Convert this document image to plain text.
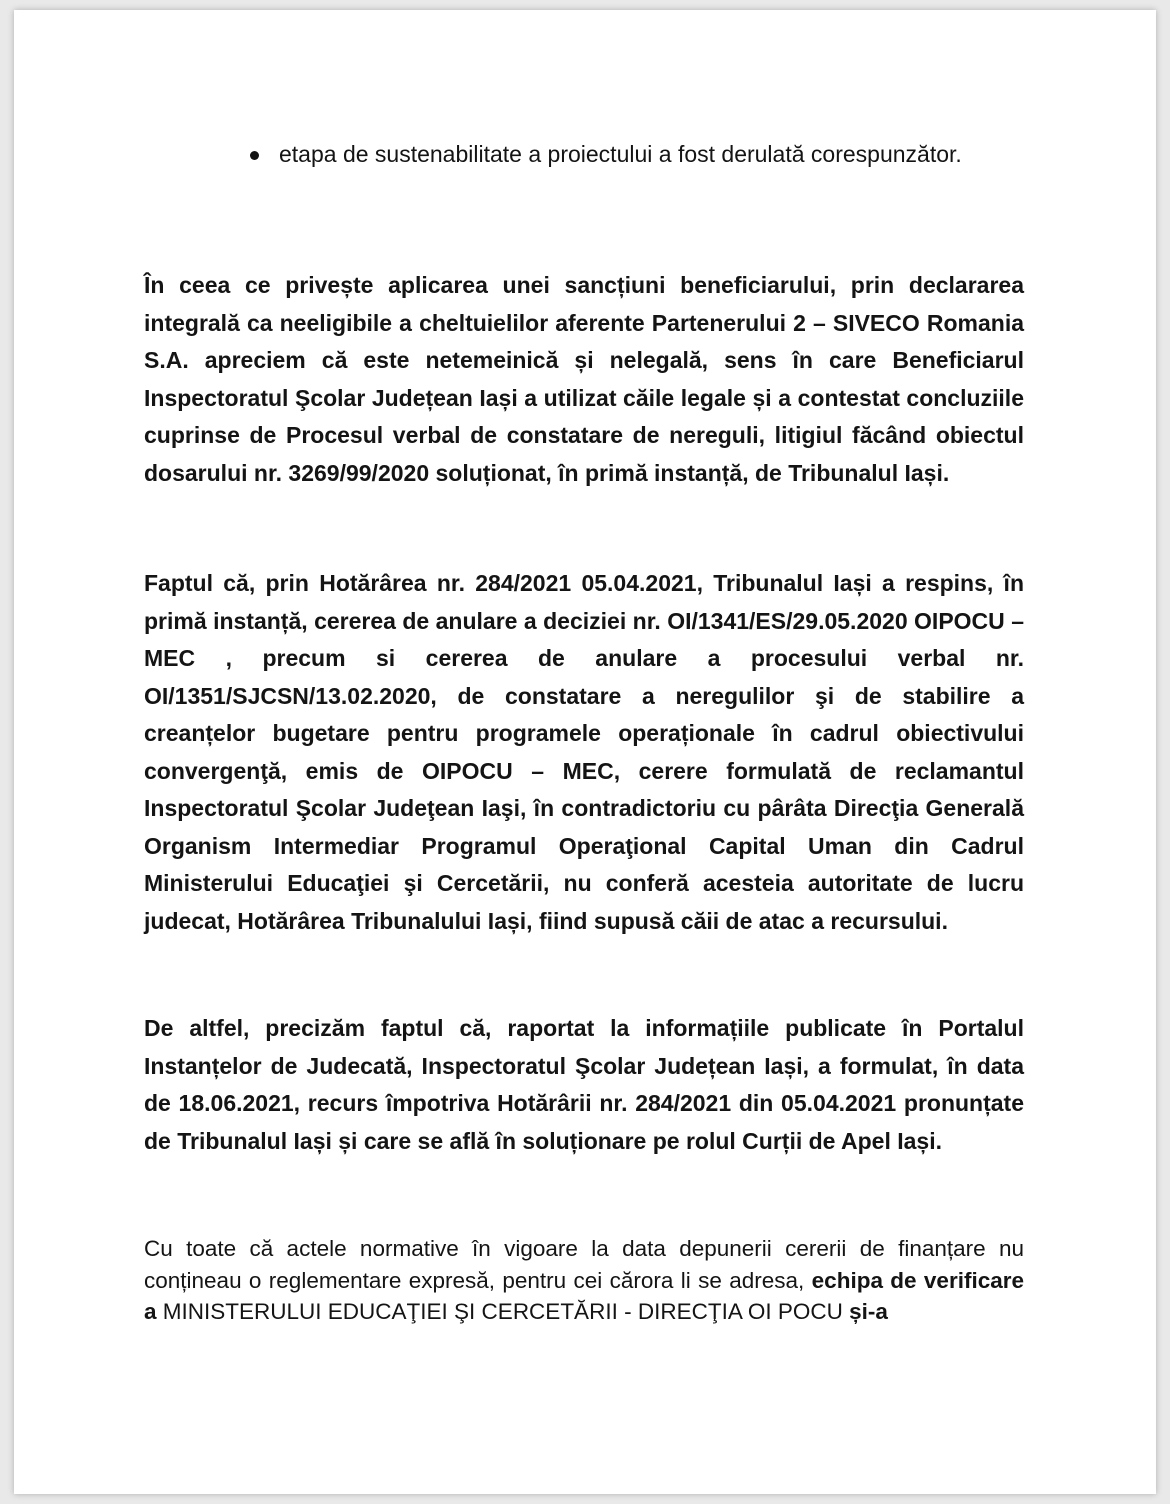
etapa de sustenabilitate a proiectului a fost derulată corespunzător.

În ceea ce privește aplicarea unei sancțiuni beneficiarului, prin declararea integrală ca neeligibile a cheltuielilor aferente Partenerului 2 – SIVECO Romania S.A. apreciem că este netemeinică și nelegală, sens în care Beneficiarul Inspectoratul Şcolar Județean Iași a utilizat căile legale și a contestat concluziile cuprinse de Procesul verbal de constatare de nereguli, litigiul făcând obiectul dosarului nr. 3269/99/2020 soluționat, în primă instanță, de Tribunalul Iași.

Faptul că, prin Hotărârea nr. 284/2021 05.04.2021, Tribunalul Iași a respins, în primă instanță, cererea de anulare a deciziei nr. OI/1341/ES/29.05.2020 OIPOCU – MEC , precum si cererea de anulare a procesului verbal nr. OI/1351/SJCSN/13.02.2020, de constatare a neregulilor şi de stabilire a creanțelor bugetare pentru programele operaționale în cadrul obiectivului convergenţă, emis de OIPOCU – MEC, cerere formulată de reclamantul Inspectoratul Şcolar Judeţean Iaşi, în contradictoriu cu pârâta Direcţia Generală Organism Intermediar Programul Operaţional Capital Uman din Cadrul Ministerului Educaţiei şi Cercetării, nu conferă acesteia autoritate de lucru judecat, Hotărârea Tribunalului Iași, fiind supusă căii de atac a recursului.

De altfel, precizăm faptul că, raportat la informațiile publicate în Portalul Instanțelor de Judecată, Inspectoratul Şcolar Județean Iași, a formulat, în data de 18.06.2021, recurs împotriva Hotărârii nr. 284/2021 din 05.04.2021 pronunțate de Tribunalul Iași și care se află în soluționare pe rolul Curții de Apel Iași.

Cu toate că actele normative în vigoare la data depunerii cererii de finanțare nu conțineau o reglementare expresă, pentru cei cărora li se adresa, echipa de verificare a MINISTERULUI EDUCAŢIEI ŞI CERCETĂRII - DIRECŢIA OI POCU și-a
